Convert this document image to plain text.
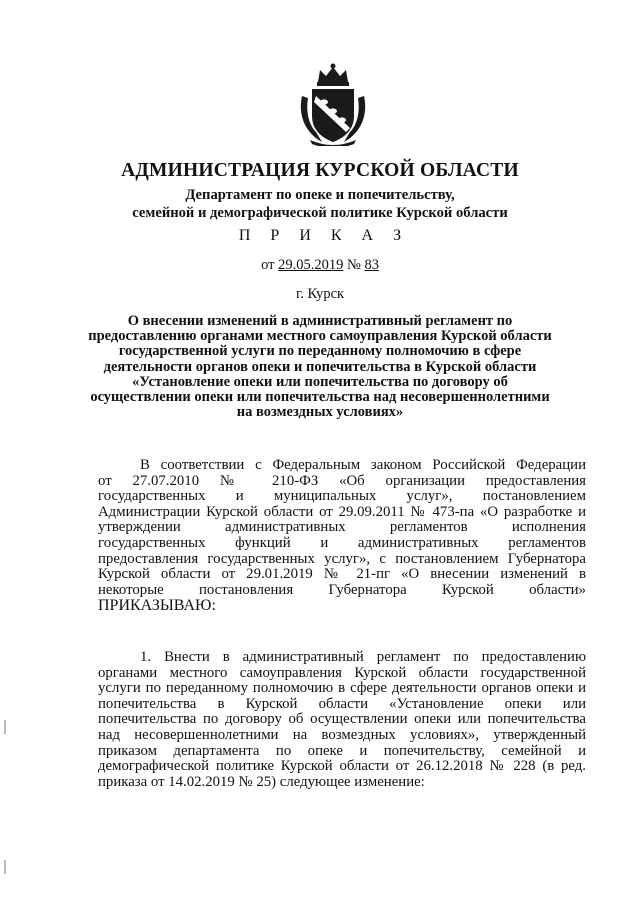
АДМИНИСТРАЦИЯ КУРСКОЙ ОБЛАСТИ
Департамент по опеке и попечительству,
семейной и демографической политике Курской области
П Р И К А З
от 29.05.2019 № 83
г. Курск
О внесении изменений в административный регламент по
предоставлению органами местного самоуправления Курской области
государственной услуги по переданному полномочию в сфере
деятельности органов опеки и попечительства в Курской области
«Установление опеки или попечительства по договору об
осуществлении опеки или попечительства над несовершеннолетними
на возмездных условиях»
В соответствии с Федеральным законом Российской Федерации
от 27.07.2010 № 210-ФЗ «Об организации предоставления
государственных и муниципальных услуг», постановлением
Администрации Курской области от 29.09.2011 № 473-па «О разработке и
утверждении административных регламентов исполнения
государственных функций и административных регламентов
предоставления государственных услуг», с постановлением Губернатора
Курской области от 29.01.2019 № 21-пг «О внесении изменений в
некоторые постановления Губернатора Курской области»
ПРИКАЗЫВАЮ:
1. Внести в административный регламент по предоставлению
органами местного самоуправления Курской области государственной
услуги по переданному полномочию в сфере деятельности органов опеки и
попечительства в Курской области «Установление опеки или
попечительства по договору об осуществлении опеки или попечительства
над несовершеннолетними на возмездных условиях», утвержденный
приказом департамента по опеке и попечительству, семейной и
демографической политике Курской области от 26.12.2018 № 228 (в ред.
приказа от 14.02.2019 № 25) следующее изменение:
